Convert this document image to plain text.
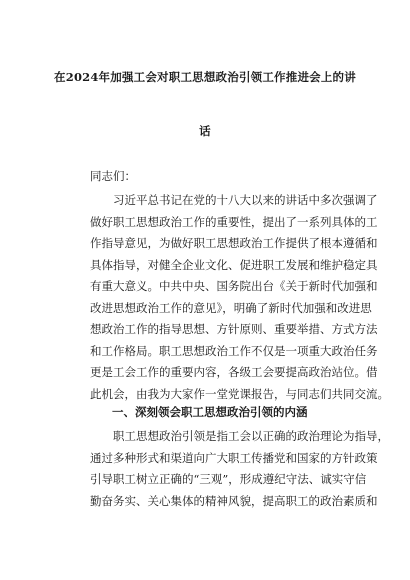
在2024年加强工会对职工思想政治引领工作推进会上的讲
话
同志们：
　　习近平总书记在党的十八大以来的讲话中多次强调了
做好职工思想政治工作的重要性，提出了一系列具体的工
作指导意见，为做好职工思想政治工作提供了根本遵循和
具体指导，对健全企业文化、促进职工发展和维护稳定具
有重大意义。中共中央、国务院出台《关于新时代加强和
改进思想政治工作的意见》，明确了新时代加强和改进思
想政治工作的指导思想、方针原则、重要举措、方式方法
和工作格局。职工思想政治工作不仅是一项重大政治任务
更是工会工作的重要内容，各级工会要提高政治站位。借
此机会，由我为大家作一堂党课报告，与同志们共同交流。
一、深刻领会职工思想政治引领的内涵
　　职工思想政治引领是指工会以正确的政治理论为指导，
通过多种形式和渠道向广大职工传播党和国家的方针政策
引导职工树立正确的“三观”，形成遵纪守法、诚实守信
勤奋务实、关心集体的精神风貌，提高职工的政治素质和
